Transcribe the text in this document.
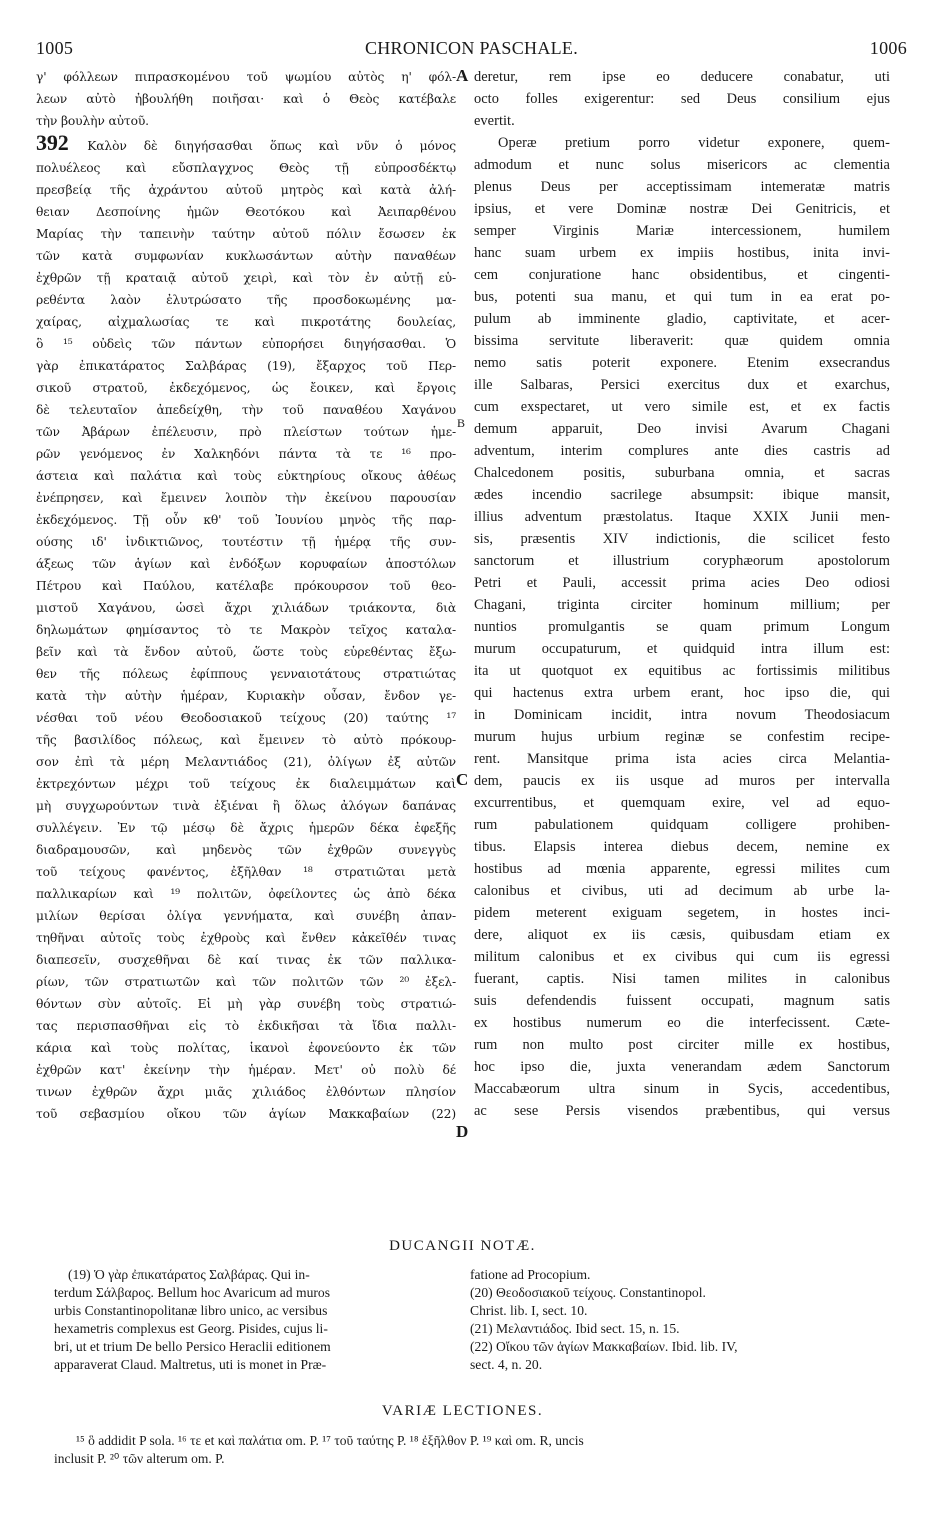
1005	CHRONICON PASCHALE.	1006

γ' φόλλεων πιπρασκομένου τοῦ ψωμίου αὐτὸς η' φόλ-

λεων αὐτὸ ἠβουλήθη ποιῆσαι· καὶ ὁ Θεὸς κατέβαλε

τὴν βουλὴν αὐτοῦ.

392 Καλὸν δὲ διηγήσασθαι ὅπως καὶ νῦν ὁ μόνος

πολυέλεος καὶ εὔσπλαγχνος Θεὸς τῇ εὐπροσδέκτῳ

πρεσβείᾳ τῆς ἀχράντου αὐτοῦ μητρὸς καὶ κατὰ ἀλή-

θειαν Δεσποίνης ἡμῶν Θεοτόκου καὶ Ἀειπαρθένου

Μαρίας τὴν ταπεινὴν ταύτην αὐτοῦ πόλιν ἔσωσεν ἐκ

τῶν κατὰ συμφωνίαν κυκλωσάντων αὐτὴν παναθέων

ἐχθρῶν τῇ κραταιᾷ αὐτοῦ χειρὶ, καὶ τὸν ἐν αὐτῇ εὑ-

ρεθέντα λαὸν ἐλυτρώσατο τῆς προσδοκωμένης μα-

χαίρας, αἰχμαλωσίας τε καὶ πικροτάτης δουλείας,

ὃ ¹⁵ οὐδεὶς τῶν πάντων εὐπορήσει διηγήσασθαι. Ὁ

γὰρ ἐπικατάρατος Σαλβάρας (19), ἔξαρχος τοῦ Περ-

σικοῦ στρατοῦ, ἐκδεχόμενος, ὡς ἔοικεν, καὶ ἔργοις

δὲ τελευταῖον ἀπεδείχθη, τὴν τοῦ παναθέου Χαγάνου

τῶν Ἀβάρων ἐπέλευσιν, πρὸ πλείστων τούτων ἡμε-

ρῶν γενόμενος ἐν Χαλκηδόνι πάντα τὰ τε ¹⁶ προ-

άστεια καὶ παλάτια καὶ τοὺς εὐκτηρίους οἴκους ἀθέως

ἐνέπρησεν, καὶ ἔμεινεν λοιπὸν τὴν ἐκείνου παρουσίαν

ἐκδεχόμενος. Τῇ οὖν κθ' τοῦ Ἰουνίου μηνὸς τῆς παρ-

ούσης ιδ' ἰνδικτιῶνος, τουτέστιν τῇ ἡμέρᾳ τῆς συν-

άξεως τῶν ἁγίων καὶ ἐνδόξων κορυφαίων ἀποστόλων

Πέτρου καὶ Παύλου, κατέλαβε πρόκουρσον τοῦ θεο-

μιστοῦ Χαγάνου, ὡσεὶ ἄχρι χιλιάδων τριάκοντα, διὰ

δηλωμάτων φημίσαντος τὸ τε Μακρὸν τεῖχος καταλα-

βεῖν καὶ τὰ ἔνδον αὐτοῦ, ὥστε τοὺς εὑρεθέντας ἔξω-

θεν τῆς πόλεως ἐφίππους γενναιοτάτους στρατιώτας

κατὰ τὴν αὐτὴν ἡμέραν, Κυριακὴν οὖσαν, ἔνδον γε-

νέσθαι τοῦ νέου Θεοδοσιακοῦ τείχους (20) ταύτης ¹⁷

τῆς βασιλίδος πόλεως, καὶ ἔμεινεν τὸ αὐτὸ πρόκουρ-

σον ἐπὶ τὰ μέρη Μελαντιάδος (21), ὀλίγων ἐξ αὐτῶν

ἐκτρεχόντων μέχρι τοῦ τείχους ἐκ διαλειμμάτων καὶ

μὴ συγχωρούντων τινὰ ἐξιέναι ἢ ὅλως ἀλόγων δαπάνας

συλλέγειν. Ἐν τῷ μέσῳ δὲ ἄχρις ἡμερῶν δέκα ἐφεξῆς

διαδραμουσῶν, καὶ μηδενὸς τῶν ἐχθρῶν συνεγγὺς

τοῦ τείχους φανέντος, ἐξῆλθαν ¹⁸ στρατιῶται μετὰ

παλλικαρίων καὶ ¹⁹ πολιτῶν, ὀφείλοντες ὡς ἀπὸ δέκα

μιλίων θερίσαι ὀλίγα γεννήματα, καὶ συνέβη ἀπαν-

τηθῆναι αὐτοῖς τοὺς ἐχθροὺς καὶ ἔνθεν κἀκεῖθέν τινας

διαπεσεῖν, συσχεθῆναι δὲ καί τινας ἐκ τῶν παλλικα-

ρίων, τῶν στρατιωτῶν καὶ τῶν πολιτῶν τῶν ²⁰ ἐξελ-

θόντων σὺν αὐτοῖς. Εἰ μὴ γὰρ συνέβη τοὺς στρατιώ-

τας περισπασθῆναι εἰς τὸ ἐκδικῆσαι τὰ ἴδια παλλι-

κάρια καὶ τοὺς πολίτας, ἱκανοὶ ἐφονεύοντο ἐκ τῶν

ἐχθρῶν κατ' ἐκείνην τὴν ἡμέραν. Μετ' οὐ πολὺ δέ

τινων ἐχθρῶν ἄχρι μιᾶς χιλιάδος ἐλθόντων πλησίον

τοῦ σεβασμίου οἴκου τῶν ἁγίων Μακκαβαίων (22)

A
B
C
D

deretur, rem ipse eo deducere conabatur, uti

octo folles exigerentur: sed Deus consilium ejus

evertit.

Operæ pretium porro videtur exponere, quem-

admodum et nunc solus misericors ac clementia

plenus Deus per acceptissimam intemeratæ matris

ipsius, et vere Dominæ nostræ Dei Genitricis, et

semper Virginis Mariæ intercessionem, humilem

hanc suam urbem ex impiis hostibus, inita invi-

cem conjuratione hanc obsidentibus, et cingenti-

bus, potenti sua manu, et qui tum in ea erat po-

pulum ab imminente gladio, captivitate, et acer-

bissima servitute liberaverit: quæ quidem omnia

nemo satis poterit exponere. Etenim exsecrandus

ille Salbaras, Persici exercitus dux et exarchus,

cum exspectaret, ut vero simile est, et ex factis

demum apparuit, Deo invisi Avarum Chagani

adventum, interim complures ante dies castris ad

Chalcedonem positis, suburbana omnia, et sacras

ædes incendio sacrilege absumpsit: ibique mansit,

illius adventum præstolatus. Itaque XXIX Junii men-

sis, præsentis XIV indictionis, die scilicet festo

sanctorum et illustrium coryphæorum apostolorum

Petri et Pauli, accessit prima acies Deo odiosi

Chagani, triginta circiter hominum millium; per

nuntios promulgantis se quam primum Longum

murum occupaturum, et quidquid intra illum est:

ita ut quotquot ex equitibus ac fortissimis militibus

qui hactenus extra urbem erant, hoc ipso die, qui

in Dominicam incidit, intra novum Theodosiacum

murum hujus urbium reginæ se confestim recipe-

rent. Mansitque prima ista acies circa Melantia-

dem, paucis ex iis usque ad muros per intervalla

excurrentibus, et quemquam exire, vel ad equo-

rum pabulationem quidquam colligere prohiben-

tibus. Elapsis interea diebus decem, nemine ex

hostibus ad mœnia apparente, egressi milites cum

calonibus et civibus, uti ad decimum ab urbe la-

pidem meterent exiguam segetem, in hostes inci-

dere, aliquot ex iis cæsis, quibusdam etiam ex

militum calonibus et ex civibus qui cum iis egressi

fuerant, captis. Nisi tamen milites in calonibus

suis defendendis fuissent occupati, magnum satis

ex hostibus numerum eo die interfecissent. Cæte-

rum non multo post circiter mille ex hostibus,

hoc ipso die, juxta venerandam ædem Sanctorum

Maccabæorum ultra sinum in Sycis, accedentibus,

ac sese Persis visendos præbentibus, qui versus

DUCANGII NOTÆ.

(19) Ὁ γὰρ ἐπικατάρατος Σαλβάρας. Qui in-

terdum Σάλβαρος. Bellum hoc Avaricum ad muros

urbis Constantinopolitanæ libro unico, ac versibus

hexametris complexus est Georg. Pisides, cujus li-

bri, ut et trium De bello Persico Heraclii editionem

apparaverat Claud. Maltretus, uti is monet in Præ-

fatione ad Procopium.

(20) Θεοδοσιακοῦ τείχους. Constantinopol.

Christ. lib. I, sect. 10.

(21) Μελαντιάδος. Ibid sect. 15, n. 15.

(22) Οἴκου τῶν ἁγίων Μακκαβαίων. Ibid. lib. IV,

sect. 4, n. 20.

VARIÆ LECTIONES.

¹⁵ ὃ addidit P sola. ¹⁶ τε et καὶ παλάτια om. P. ¹⁷ τοῦ ταύτης P. ¹⁸ ἐξῆλθον P. ¹⁹ καὶ om. R, uncis

inclusit P. ²⁰ τῶν alterum om. P.
